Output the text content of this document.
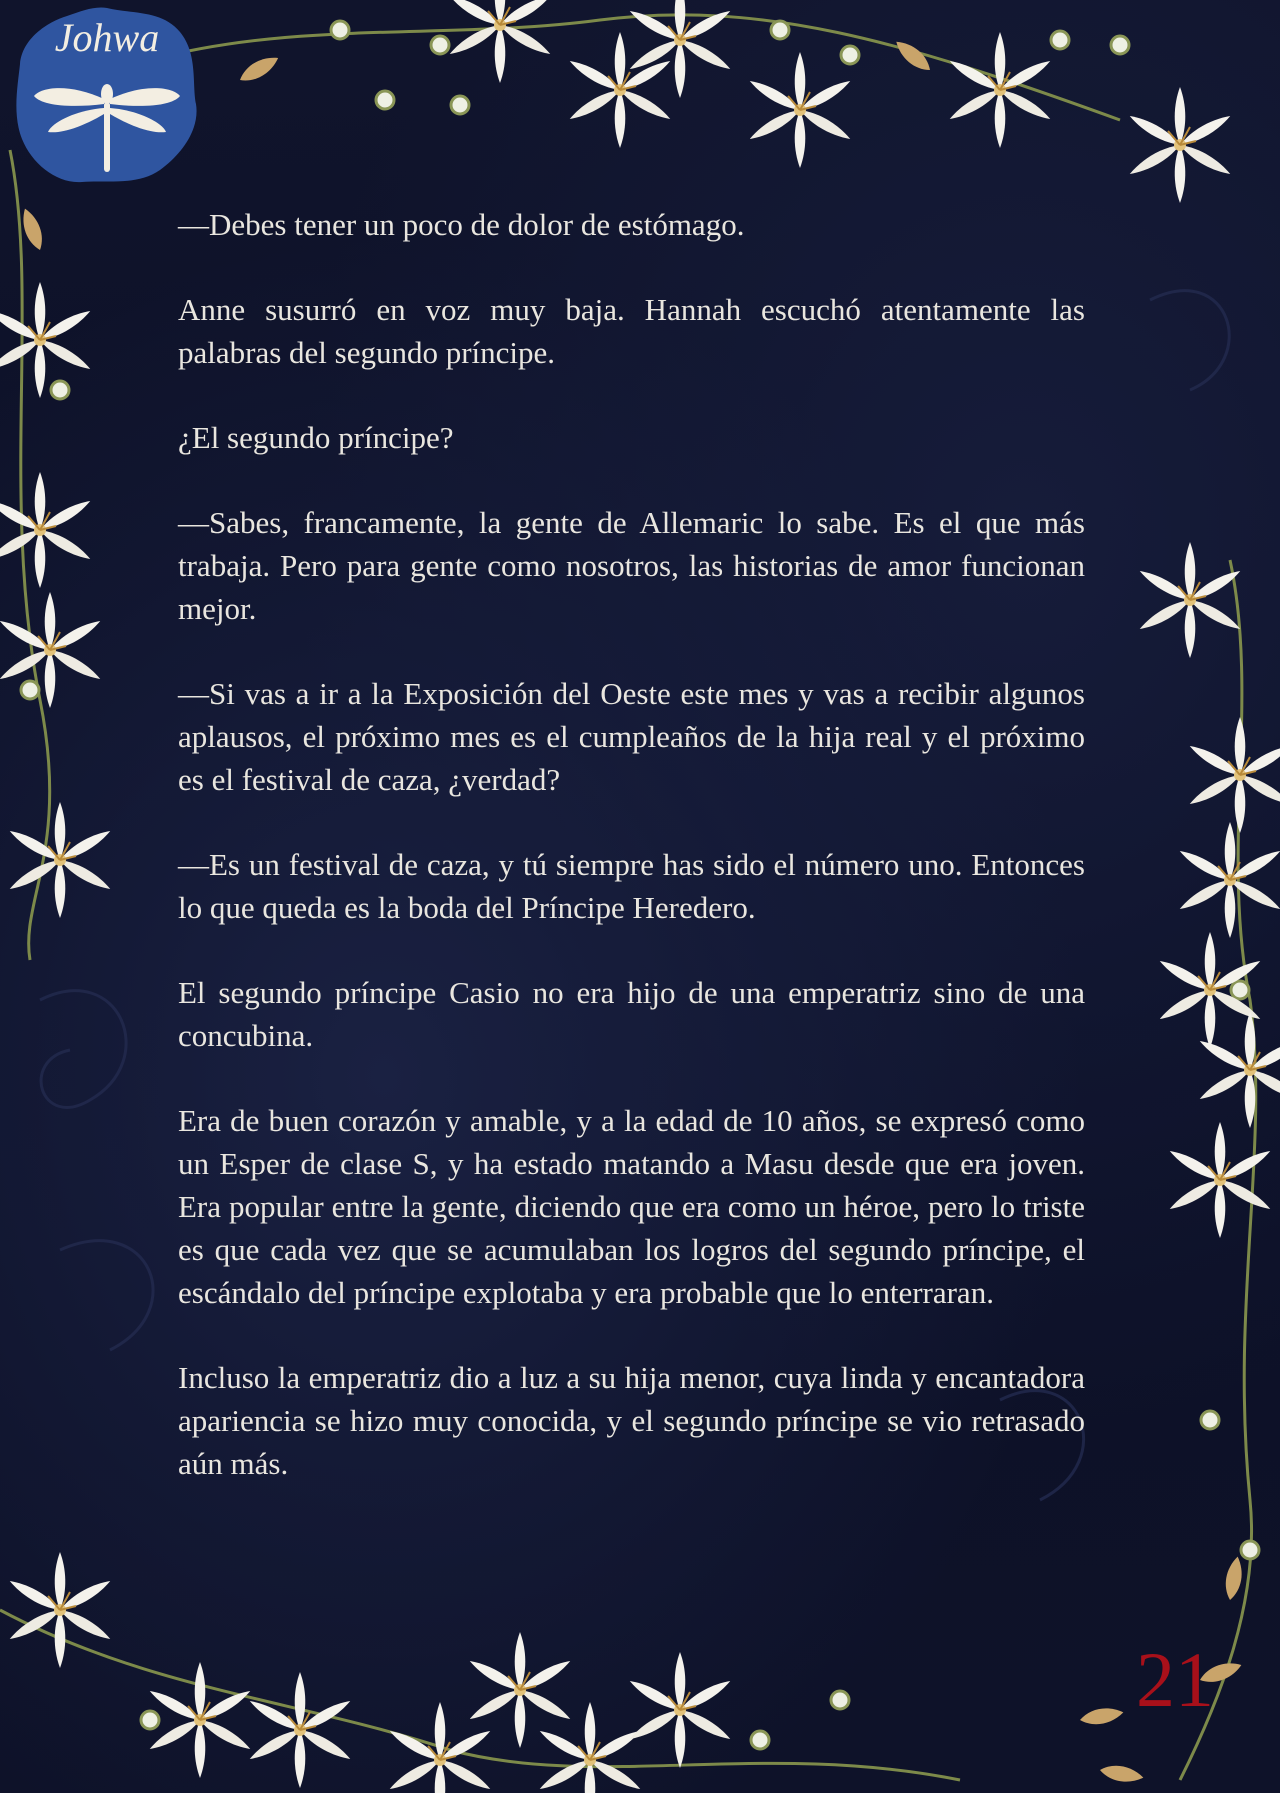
Johwa

—Debes tener un poco de dolor de estómago.

Anne susurró en voz muy baja. Hannah escuchó atentamente las palabras del segundo príncipe.

¿El segundo príncipe?

—Sabes, francamente, la gente de Allemaric lo sabe. Es el que más trabaja. Pero para gente como nosotros, las historias de amor funcionan mejor.

—Si vas a ir a la Exposición del Oeste este mes y vas a recibir algunos aplausos, el próximo mes es el cumpleaños de la hija real y el próximo es el festival de caza, ¿verdad?

—Es un festival de caza, y tú siempre has sido el número uno. Entonces lo que queda es la boda del Príncipe Heredero.

El segundo príncipe Casio no era hijo de una emperatriz sino de una concubina.

Era de buen corazón y amable, y a la edad de 10 años, se expresó como un Esper de clase S, y ha estado matando a Masu desde que era joven. Era popular entre la gente, diciendo que era como un héroe, pero lo triste es que cada vez que se acumulaban los logros del segundo príncipe, el escándalo del príncipe explotaba y era probable que lo enterraran.

Incluso la emperatriz dio a luz a su hija menor, cuya linda y encantadora apariencia se hizo muy conocida, y el segundo príncipe se vio retrasado aún más.

21
